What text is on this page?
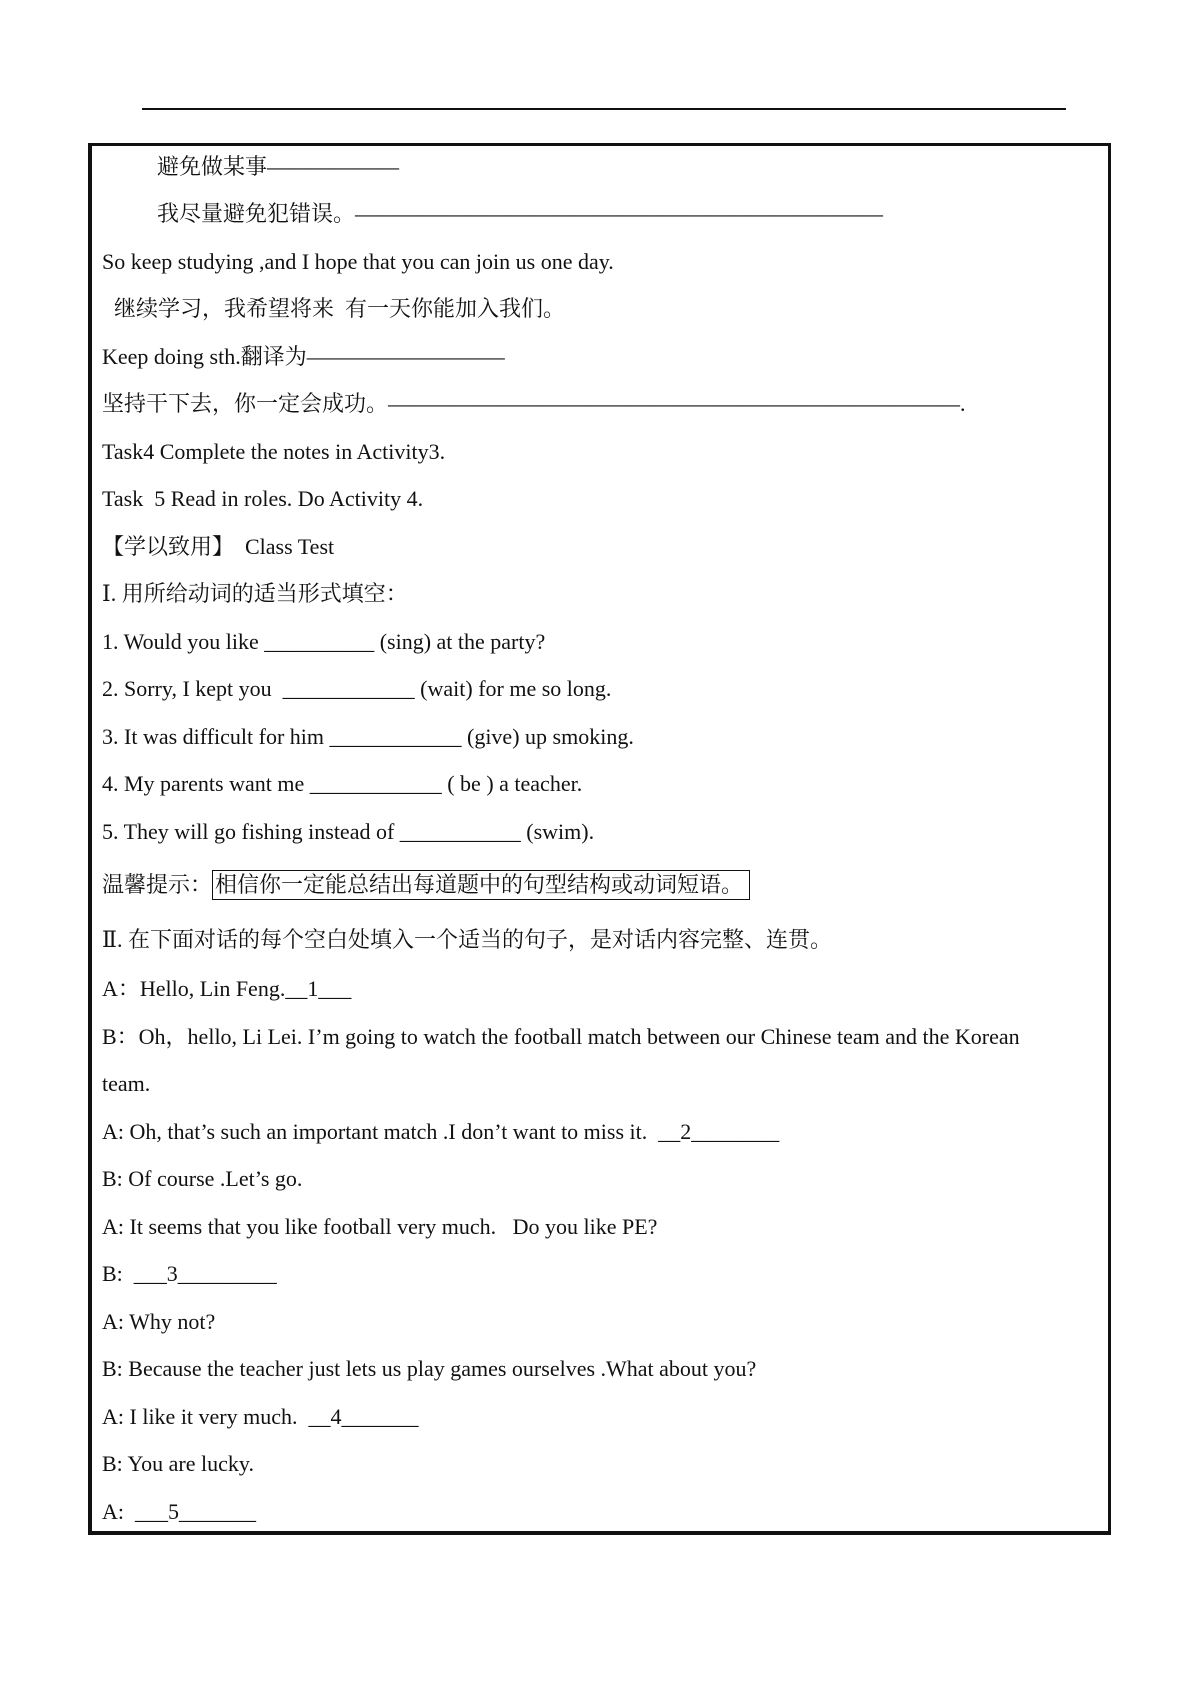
避免做某事——————
我尽量避免犯错误。————————————————————————
So keep studying ,and I hope that you can join us one day.
继续学习，我希望将来  有一天你能加入我们。
Keep doing sth.翻译为—————————
坚持干下去，你一定会成功。——————————————————————————.
Task4 Complete the notes in Activity3.
Task  5 Read in roles. Do Activity 4.
【学以致用】  Class Test
Ⅰ. 用所给动词的适当形式填空：
1. Would you like __________ (sing) at the party?
2. Sorry, I kept you  ____________ (wait) for me so long.
3. It was difficult for him ____________ (give) up smoking.
4. My parents want me ____________ ( be ) a teacher.
5. They will go fishing instead of ___________ (swim).
温馨提示： 相信你一定能总结出每道题中的句型结构或动词短语。
Ⅱ. 在下面对话的每个空白处填入一个适当的句子，是对话内容完整、连贯。
A：Hello, Lin Feng.__1___
B：Oh，hello, Li Lei. I’m going to watch the football match between our Chinese team and the Korean
team.
A: Oh, that’s such an important match .I don’t want to miss it.  __2________
B: Of course .Let’s go.
A: It seems that you like football very much.   Do you like PE?
B:  ___3_________
A: Why not?
B: Because the teacher just lets us play games ourselves .What about you?
A: I like it very much.  __4_______
B: You are lucky.
A:  ___5_______
